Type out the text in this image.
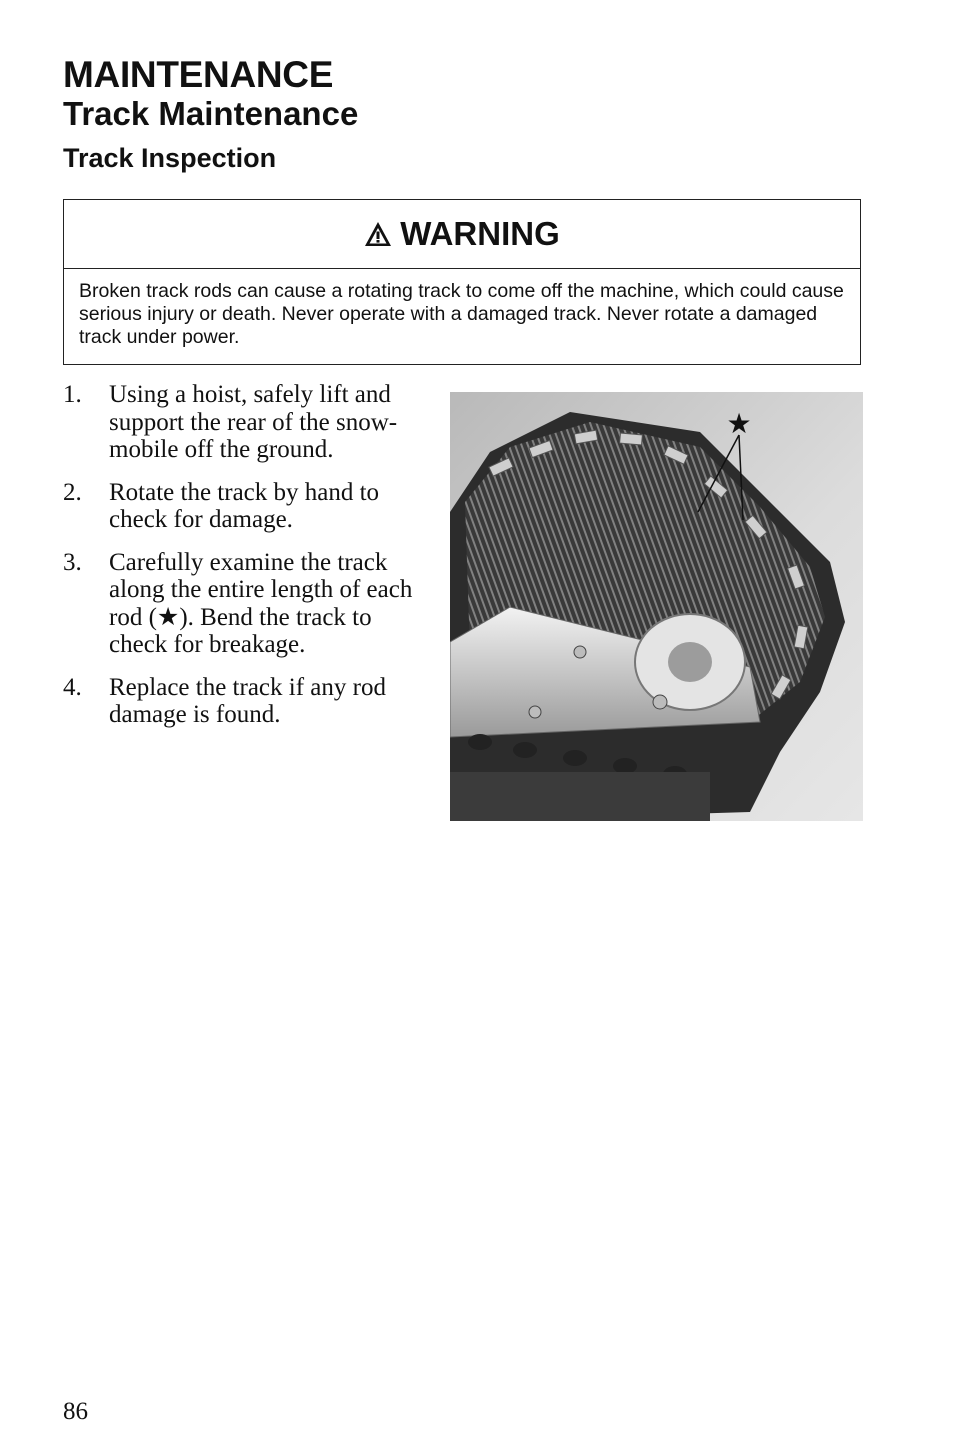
MAINTENANCE
Track Maintenance
Track Inspection
WARNING
Broken track rods can cause a rotating track to come off the machine, which could cause serious injury or death. Never operate with a damaged track. Never rotate a damaged track under power.
1.	Using a hoist, safely lift and support the rear of the snow-mobile off the ground.
2.	Rotate the track by hand to check for damage.
3.	Carefully examine the track along the entire length of each rod (★). Bend the track to check for breakage.
4.	Replace the track if any rod damage is found.
★
86
